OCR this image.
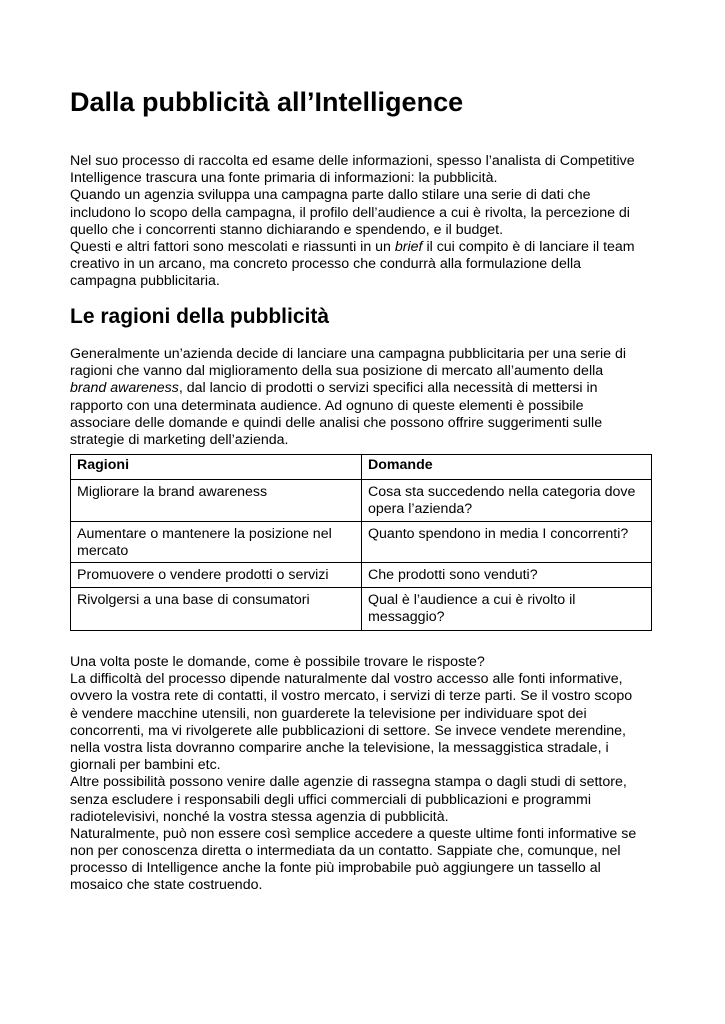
Dalla pubblicità all’Intelligence
Nel suo processo di raccolta ed esame delle informazioni, spesso l’analista di Competitive
Intelligence trascura una fonte primaria di informazioni: la pubblicità.
Quando un agenzia sviluppa una campagna parte dallo stilare una serie di dati che
includono lo scopo della campagna, il profilo dell’audience a cui è rivolta, la percezione di
quello che i concorrenti stanno dichiarando e spendendo, e il budget.
Questi e altri fattori sono mescolati e riassunti in un brief il cui compito è di lanciare il team
creativo in un arcano, ma concreto processo che condurrà alla formulazione della
campagna pubblicitaria.
Le ragioni della pubblicità
Generalmente un’azienda decide di lanciare una campagna pubblicitaria per una serie di
ragioni che vanno dal miglioramento della sua posizione di mercato all’aumento della
brand awareness, dal lancio di prodotti o servizi specifici alla necessità di mettersi in
rapporto con una determinata audience. Ad ognuno di queste elementi è possibile
associare delle domande e quindi delle analisi che possono offrire suggerimenti sulle
strategie di marketing dell’azienda.
Ragioni	Domande
Migliorare la brand awareness	Cosa sta succedendo nella categoria dove opera l’azienda?
Aumentare o mantenere la posizione nel mercato	Quanto spendono in media I concorrenti?
Promuovere o vendere prodotti o servizi	Che prodotti sono venduti?
Rivolgersi a una base di consumatori	Qual è l’audience a cui è rivolto il messaggio?
Una volta poste le domande, come è possibile trovare le risposte?
La difficoltà del processo dipende naturalmente dal vostro accesso alle fonti informative,
ovvero la vostra rete di contatti, il vostro mercato, i servizi di terze parti. Se il vostro scopo
è vendere macchine utensili, non guarderete la televisione per individuare spot dei
concorrenti, ma vi rivolgerete alle pubblicazioni di settore. Se invece vendete merendine,
nella vostra lista dovranno comparire anche la televisione, la messaggistica stradale, i
giornali per bambini etc.
Altre possibilità possono venire dalle agenzie di rassegna stampa o dagli studi di settore,
senza escludere i responsabili degli uffici commerciali di pubblicazioni e programmi
radiotelevisivi, nonché la vostra stessa agenzia di pubblicità.
Naturalmente, può non essere così semplice accedere a queste ultime fonti informative se
non per conoscenza diretta o intermediata da un contatto. Sappiate che, comunque, nel
processo di Intelligence anche la fonte più improbabile può aggiungere un tassello al
mosaico che state costruendo.
